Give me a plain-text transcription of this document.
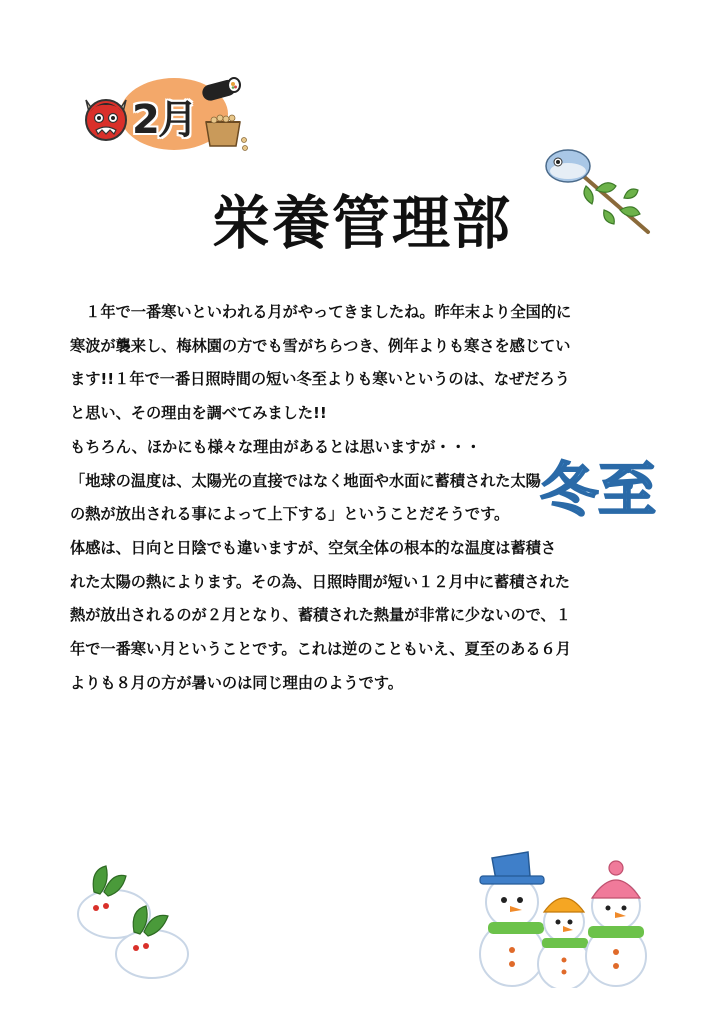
2月
栄養管理部

　１年で一番寒いといわれる月がやってきましたね。昨年末より全国的に

寒波が襲来し、梅林園の方でも雪がちらつき、例年よりも寒さを感じてい

ます!!１年で一番日照時間の短い冬至よりも寒いというのは、なぜだろう

と思い、その理由を調べてみました!!

もちろん、ほかにも様々な理由があるとは思いますが・・・

「地球の温度は、太陽光の直接ではなく地面や水面に蓄積された太陽

の熱が放出される事によって上下する」ということだそうです。

体感は、日向と日陰でも違いますが、空気全体の根本的な温度は蓄積さ

れた太陽の熱によります。その為、日照時間が短い１２月中に蓄積された

熱が放出されるのが２月となり、蓄積された熱量が非常に少ないので、１

年で一番寒い月ということです。これは逆のこともいえ、夏至のある６月

よりも８月の方が暑いのは同じ理由のようです。

冬至
